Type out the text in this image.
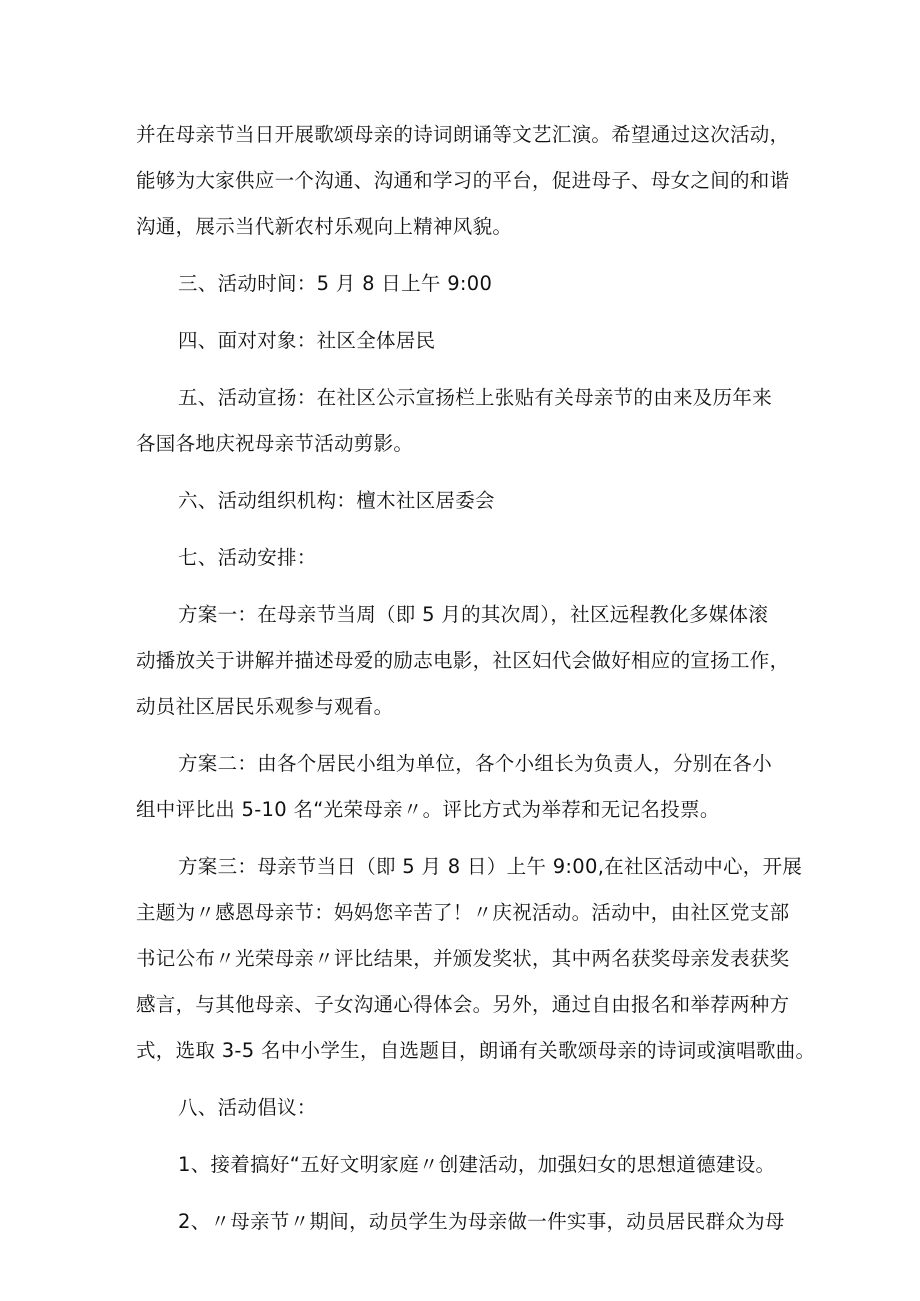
并在母亲节当日开展歌颂母亲的诗词朗诵等文艺汇演。希望通过这次活动，
能够为大家供应一个沟通、沟通和学习的平台，促进母子、母女之间的和谐
沟通，展示当代新农村乐观向上精神风貌。

三、活动时间：5 月 8 日上午 9:00

四、面对对象：社区全体居民

五、活动宣扬：在社区公示宣扬栏上张贴有关母亲节的由来及历年来
各国各地庆祝母亲节活动剪影。

六、活动组织机构：檀木社区居委会

七、活动安排：

方案一：在母亲节当周（即 5 月的其次周），社区远程教化多媒体滚
动播放关于讲解并描述母爱的励志电影，社区妇代会做好相应的宣扬工作，
动员社区居民乐观参与观看。

方案二：由各个居民小组为单位，各个小组长为负责人，分别在各小
组中评比出 5-10 名“光荣母亲〃。评比方式为举荐和无记名投票。

方案三：母亲节当日（即 5 月 8 日）上午 9:00,在社区活动中心，开展
主题为〃感恩母亲节：妈妈您辛苦了！〃庆祝活动。活动中，由社区党支部
书记公布〃光荣母亲〃评比结果，并颁发奖状，其中两名获奖母亲发表获奖
感言，与其他母亲、子女沟通心得体会。另外，通过自由报名和举荐两种方
式，选取 3-5 名中小学生，自选题目，朗诵有关歌颂母亲的诗词或演唱歌曲。

八、活动倡议：

1、接着搞好“五好文明家庭〃创建活动，加强妇女的思想道德建设。

2、〃母亲节〃期间，动员学生为母亲做一件实事，动员居民群众为母
